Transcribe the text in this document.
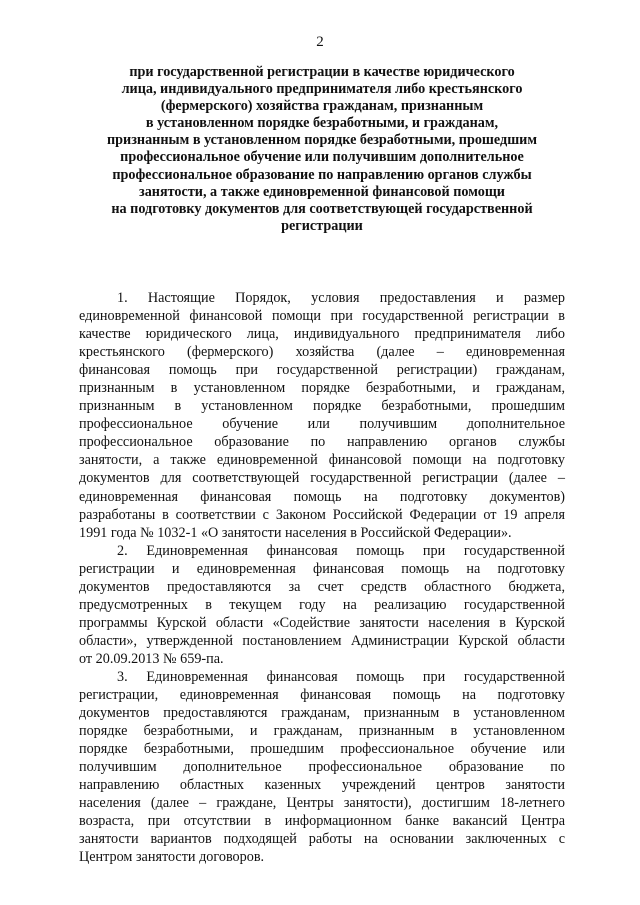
2
при государственной регистрации в качестве юридического
лица, индивидуального предпринимателя либо крестьянского
(фермерского) хозяйства гражданам, признанным
в установленном порядке безработными, и гражданам,
признанным в установленном порядке безработными, прошедшим
профессиональное обучение или получившим дополнительное
профессиональное образование по направлению органов службы
занятости, а также единовременной финансовой помощи
на подготовку документов для соответствующей государственной
регистрации
1. Настоящие Порядок, условия предоставления и размер
единовременной финансовой помощи при государственной регистрации в
качестве юридического лица, индивидуального предпринимателя либо
крестьянского (фермерского) хозяйства (далее – единовременная
финансовая помощь при государственной регистрации) гражданам,
признанным в установленном порядке безработными, и гражданам,
признанным в установленном порядке безработными, прошедшим
профессиональное обучение или получившим дополнительное
профессиональное образование по направлению органов службы
занятости, а также единовременной финансовой помощи на подготовку
документов для соответствующей государственной регистрации (далее –
единовременная финансовая помощь на подготовку документов)
разработаны в соответствии с Законом Российской Федерации от 19 апреля
1991 года № 1032-1 «О занятости населения в Российской Федерации».
2. Единовременная финансовая помощь при государственной
регистрации и единовременная финансовая помощь на подготовку
документов предоставляются за счет средств областного бюджета,
предусмотренных в текущем году на реализацию государственной
программы Курской области «Содействие занятости населения в Курской
области», утвержденной постановлением Администрации Курской области
от 20.09.2013 № 659-па.
3. Единовременная финансовая помощь при государственной
регистрации, единовременная финансовая помощь на подготовку
документов предоставляются гражданам, признанным в установленном
порядке безработными, и гражданам, признанным в установленном
порядке безработными, прошедшим профессиональное обучение или
получившим дополнительное профессиональное образование по
направлению областных казенных учреждений центров занятости
населения (далее – граждане, Центры занятости), достигшим 18-летнего
возраста, при отсутствии в информационном банке вакансий Центра
занятости вариантов подходящей работы на основании заключенных с
Центром занятости договоров.
